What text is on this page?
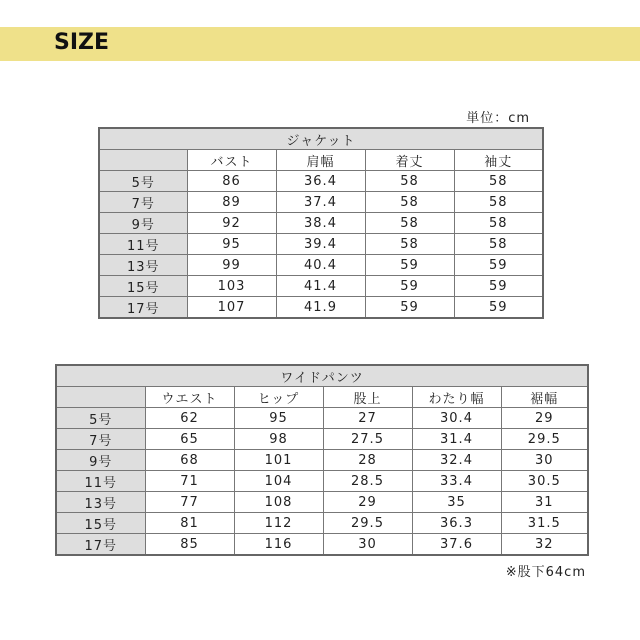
SIZE
単位：cm
ジャケット				
	バスト	肩幅	着丈	袖丈
5号	86	36.4	58	58
7号	89	37.4	58	58
9号	92	38.4	58	58
11号	95	39.4	58	58
13号	99	40.4	59	59
15号	103	41.4	59	59
17号	107	41.9	59	59
ワイドパンツ					
	ウエスト	ヒップ	股上	わたり幅	裾幅
5号	62	95	27	30.4	29
7号	65	98	27.5	31.4	29.5
9号	68	101	28	32.4	30
11号	71	104	28.5	33.4	30.5
13号	77	108	29	35	31
15号	81	112	29.5	36.3	31.5
17号	85	116	30	37.6	32
※股下64cm
